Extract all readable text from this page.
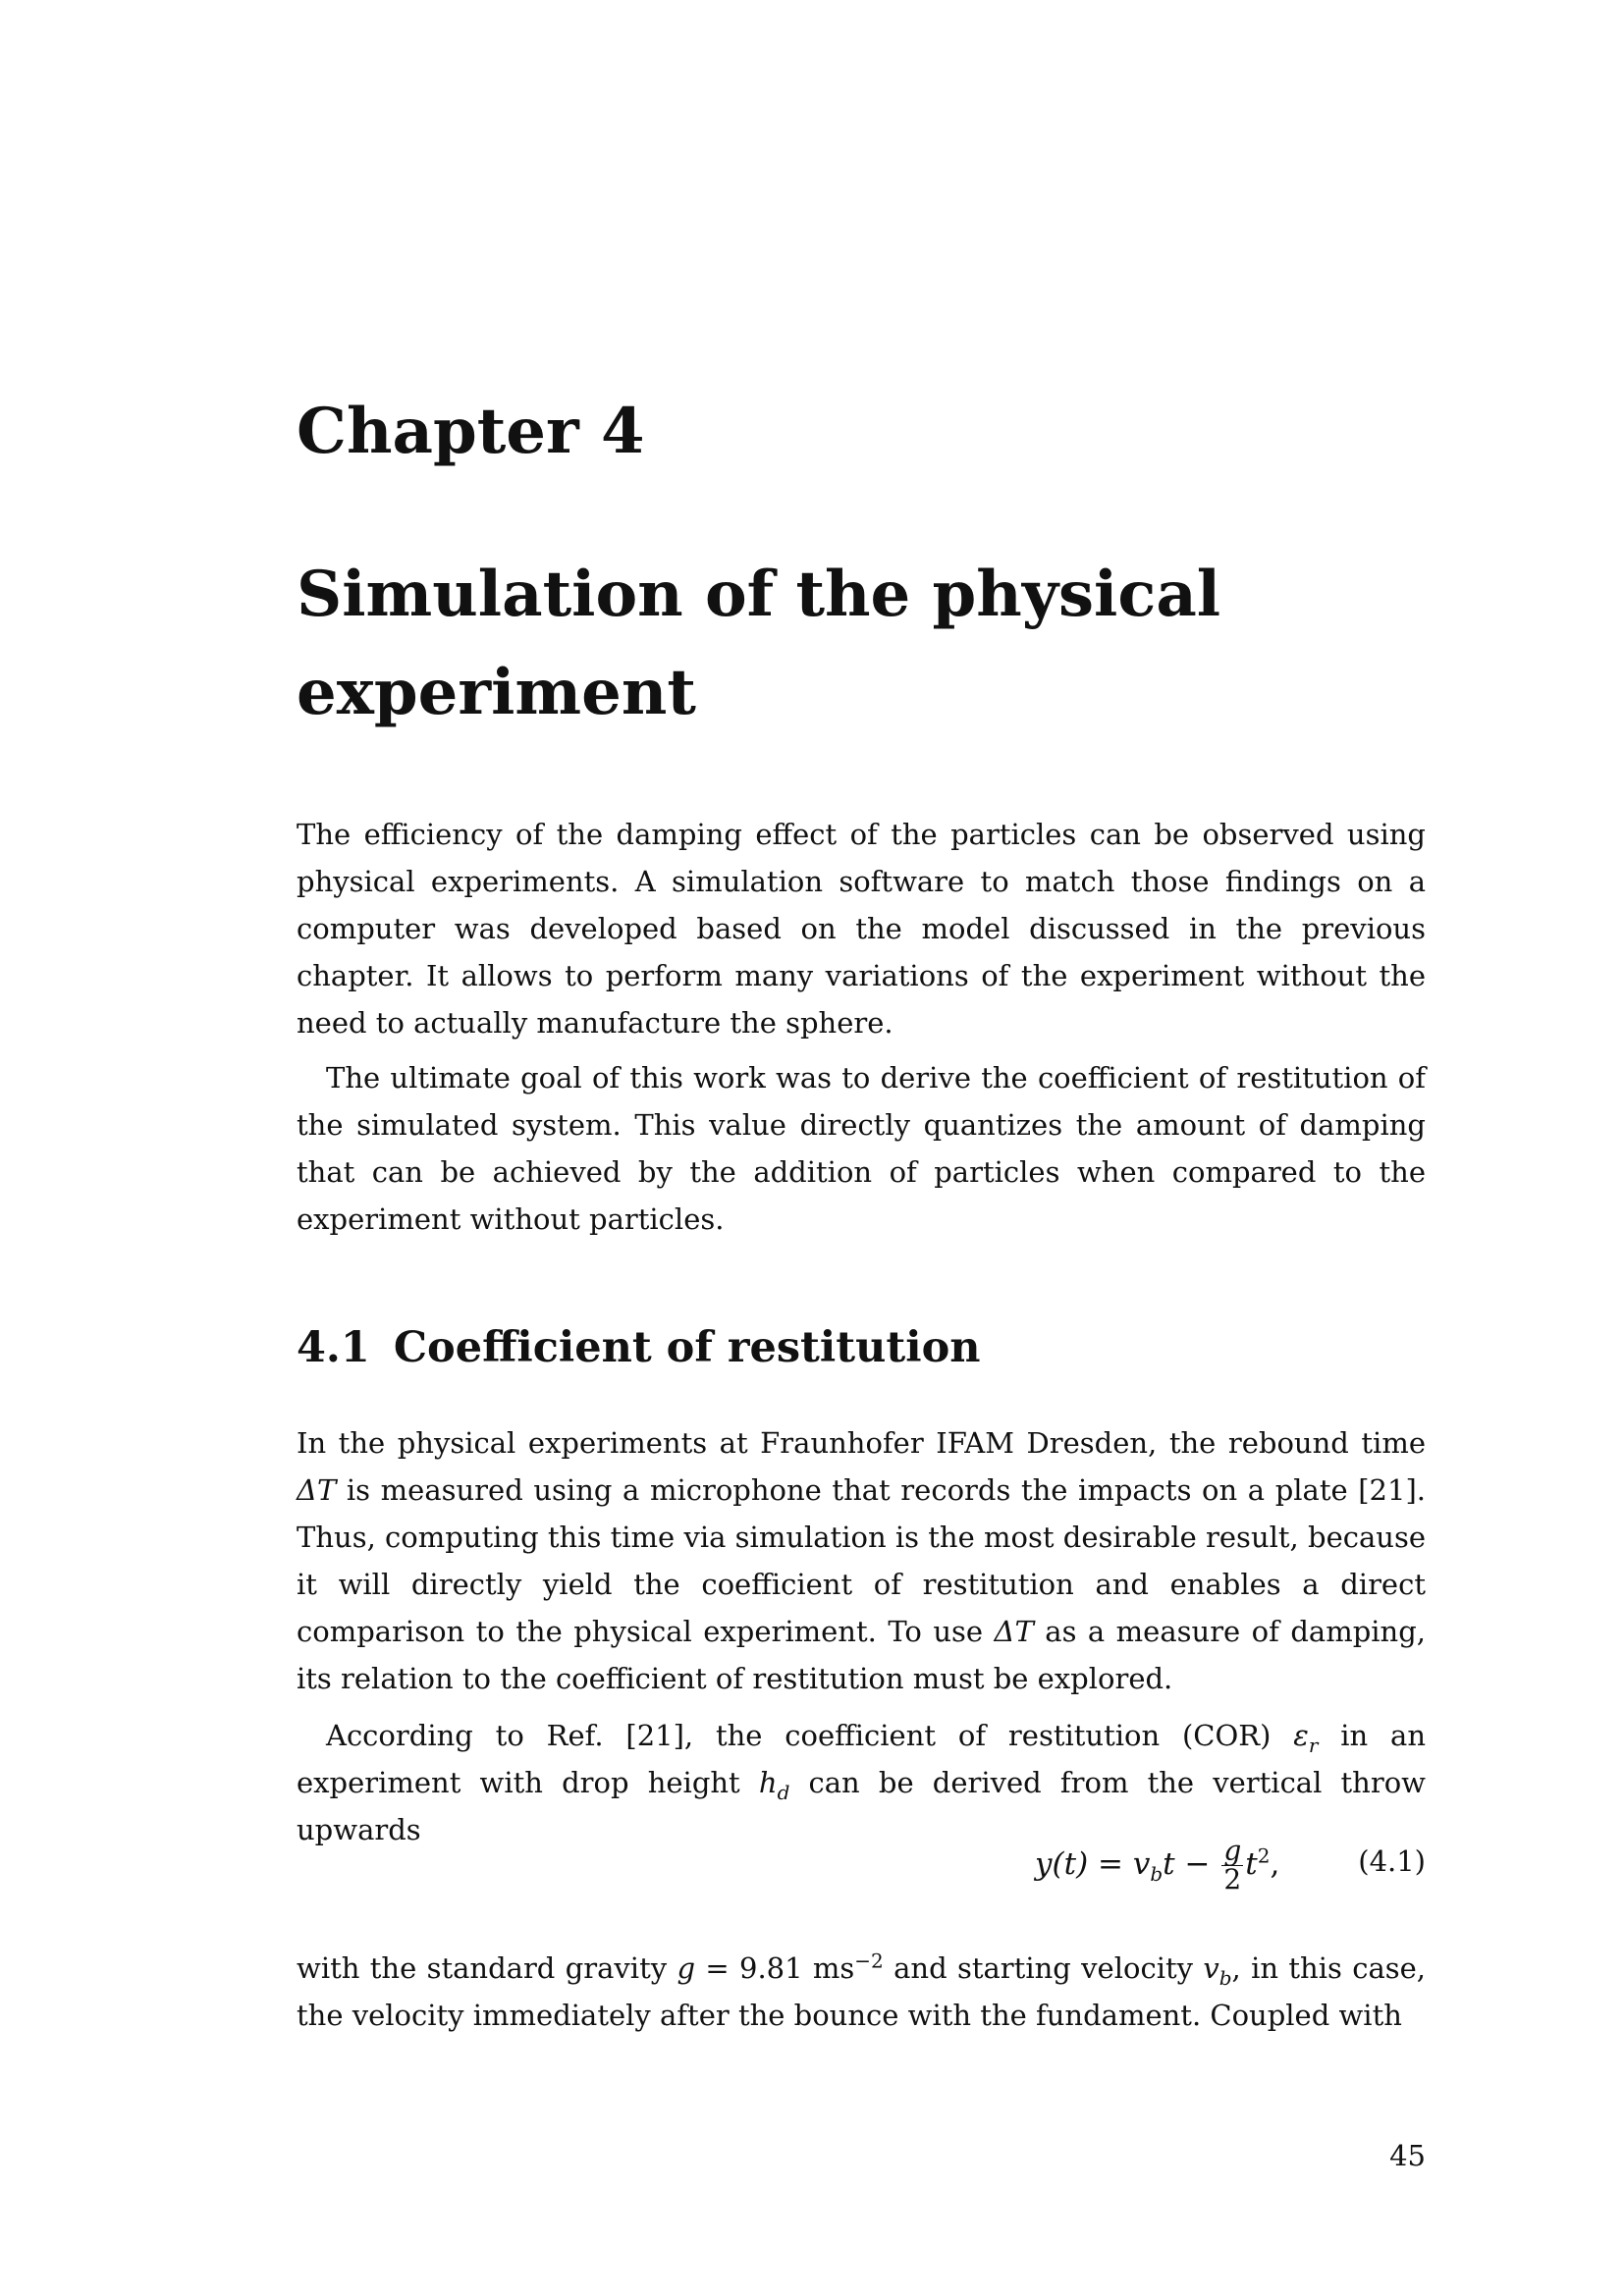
Chapter 4
Simulation of the physical experiment

The efficiency of the damping effect of the particles can be observed using physical experiments. A simulation software to match those findings on a computer was developed based on the model discussed in the previous chapter. It allows to perform many variations of the experiment without the need to actually manufacture the sphere.

The ultimate goal of this work was to derive the coefficient of restitution of the simulated system. This value directly quantizes the amount of damping that can be achieved by the addition of particles when compared to the experiment without particles.

4.1 Coefficient of restitution

In the physical experiments at Fraunhofer IFAM Dresden, the rebound time ΔT is measured using a microphone that records the impacts on a plate [21]. Thus, computing this time via simulation is the most desirable result, because it will directly yield the coefficient of restitution and enables a direct comparison to the physical experiment. To use ΔT as a measure of damping, its relation to the coefficient of restitution must be explored.

According to Ref. [21], the coefficient of restitution (COR) $\varepsilon_r$ in an experiment with drop height $h_d$ can be derived from the vertical throw upwards

$y(t) = v_bt - \frac{g}{2} t^2$,	(4.1)

with the standard gravity g = 9.81 $ms^{-2}$ and starting velocity $v_b$, in this case, the velocity immediately after the bounce with the fundament. Coupled with

45
